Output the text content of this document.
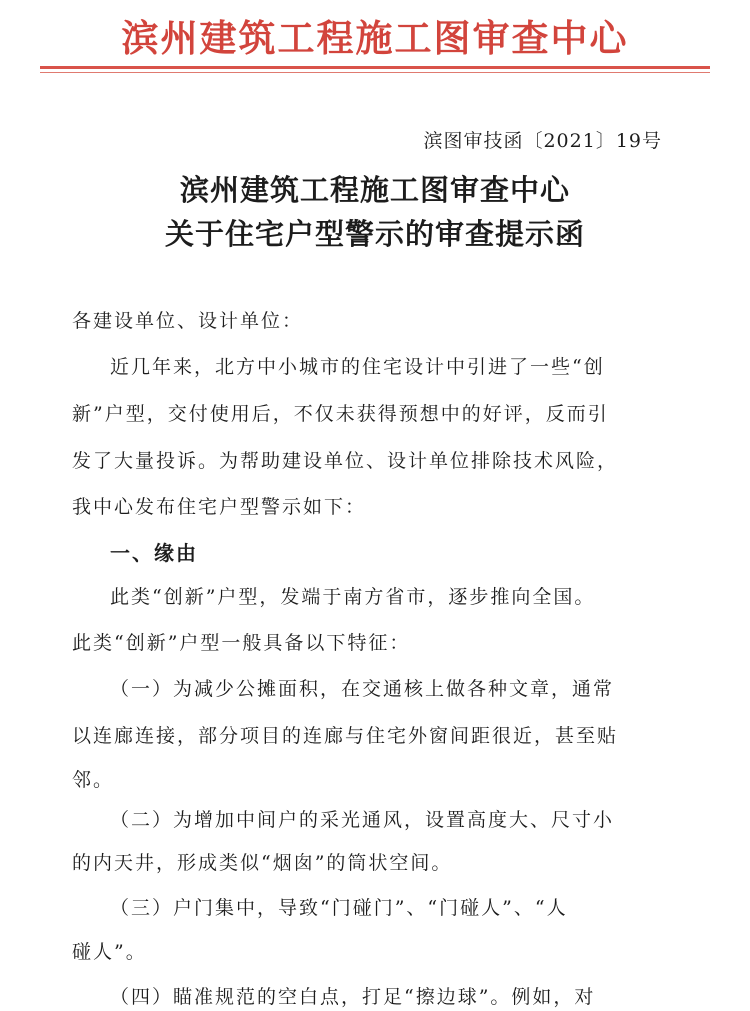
滨州建筑工程施工图审查中心
滨图审技函〔2021〕19号
滨州建筑工程施工图审查中心
关于住宅户型警示的审查提示函
各建设单位、设计单位：
近几年来，北方中小城市的住宅设计中引进了一些“创
新”户型，交付使用后，不仅未获得预想中的好评，反而引
发了大量投诉。为帮助建设单位、设计单位排除技术风险，
我中心发布住宅户型警示如下：
一、缘由
此类“创新”户型，发端于南方省市，逐步推向全国。
此类“创新”户型一般具备以下特征：
（一）为减少公摊面积，在交通核上做各种文章，通常
以连廊连接，部分项目的连廊与住宅外窗间距很近，甚至贴
邻。
（二）为增加中间户的采光通风，设置高度大、尺寸小
的内天井，形成类似“烟囱”的筒状空间。
（三）户门集中，导致“门碰门”、“门碰人”、“人
碰人”。
（四）瞄准规范的空白点，打足“擦边球”。例如，对
